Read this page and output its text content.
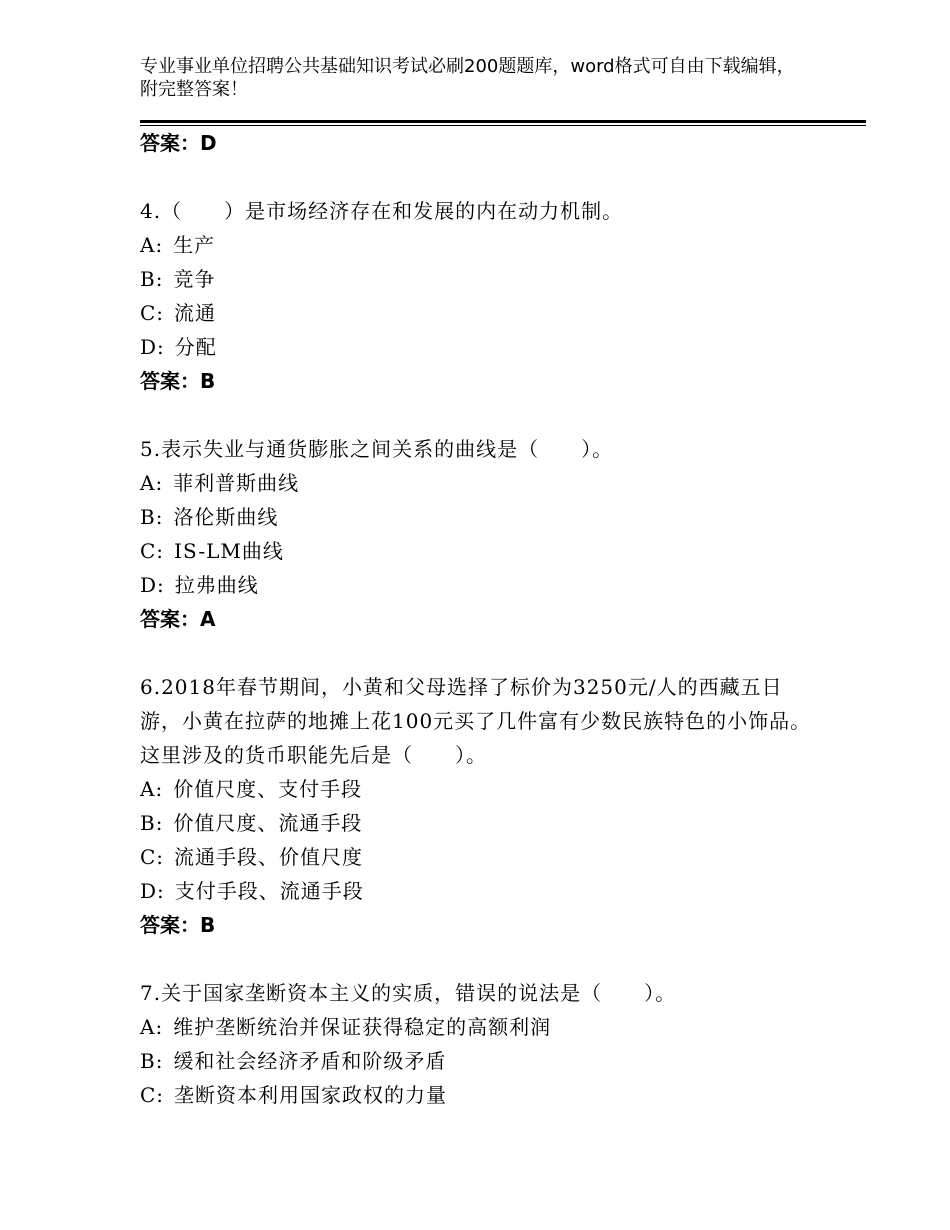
专业事业单位招聘公共基础知识考试必刷200题题库，word格式可自由下载编辑，附完整答案！
答案：D
4.（　　）是市场经济存在和发展的内在动力机制。
A: 生产
B: 竞争
C: 流通
D: 分配
答案：B
5.表示失业与通货膨胀之间关系的曲线是（　　）。
A: 菲利普斯曲线
B: 洛伦斯曲线
C: IS-LM曲线
D: 拉弗曲线
答案：A
6.2018年春节期间，小黄和父母选择了标价为3250元/人的西藏五日游，小黄在拉萨的地摊上花100元买了几件富有少数民族特色的小饰品。这里涉及的货币职能先后是（　　）。
A: 价值尺度、支付手段
B: 价值尺度、流通手段
C: 流通手段、价值尺度
D: 支付手段、流通手段
答案：B
7.关于国家垄断资本主义的实质，错误的说法是（　　）。
A: 维护垄断统治并保证获得稳定的高额利润
B: 缓和社会经济矛盾和阶级矛盾
C: 垄断资本利用国家政权的力量
